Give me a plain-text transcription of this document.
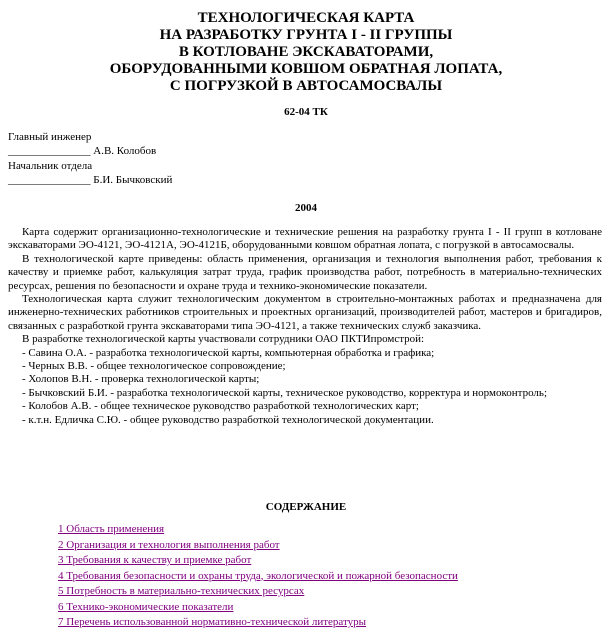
ТЕХНОЛОГИЧЕСКАЯ КАРТА
НА РАЗРАБОТКУ ГРУНТА I - II ГРУППЫ
В КОТЛОВАНЕ ЭКСКАВАТОРАМИ,
ОБОРУДОВАННЫМИ КОВШОМ ОБРАТНАЯ ЛОПАТА,
С ПОГРУЗКОЙ В АВТОСАМОСВАЛЫ
62-04 ТК
Главный инженер
_______________ А.В. Колобов
Начальник отдела
_______________ Б.И. Бычковский
2004

Карта содержит организационно-технологические и технические решения на разработку грунта I - II групп в котловане экскаваторами ЭО-4121, ЭО-4121А, ЭО-4121Б, оборудованными ковшом обратная лопата, с погрузкой в автосамосвалы.

В технологической карте приведены: область применения, организация и технология выполнения работ, требования к качеству и приемке работ, калькуляция затрат труда, график производства работ, потребность в материально-технических ресурсах, решения по безопасности и охране труда и технико-экономические показатели.

Технологическая карта служит технологическим документом в строительно-монтажных работах и предназначена для инженерно-технических работников строительных и проектных организаций, производителей работ, мастеров и бригадиров, связанных с разработкой грунта экскаваторами типа ЭО-4121, а также технических служб заказчика.

В разработке технологической карты участвовали сотрудники ОАО ПКТИпромстрой:

- Савина О.А. - разработка технологической карты, компьютерная обработка и графика;

- Черных В.В. - общее технологическое сопровождение;

- Холопов В.Н. - проверка технологической карты;

- Бычковский Б.И. - разработка технологической карты, техническое руководство, корректура и нормоконтроль;

- Колобов А.В. - общее техническое руководство разработкой технологических карт;

- к.т.н. Едличка С.Ю. - общее руководство разработкой технологической документации.

СОДЕРЖАНИЕ
1 Область применения
2 Организация и технология выполнения работ
3 Требования к качеству и приемке работ
4 Требования безопасности и охраны труда, экологической и пожарной безопасности
5 Потребность в материально-технических ресурсах
6 Технико-экономические показатели
7 Перечень использованной нормативно-технической литературы
